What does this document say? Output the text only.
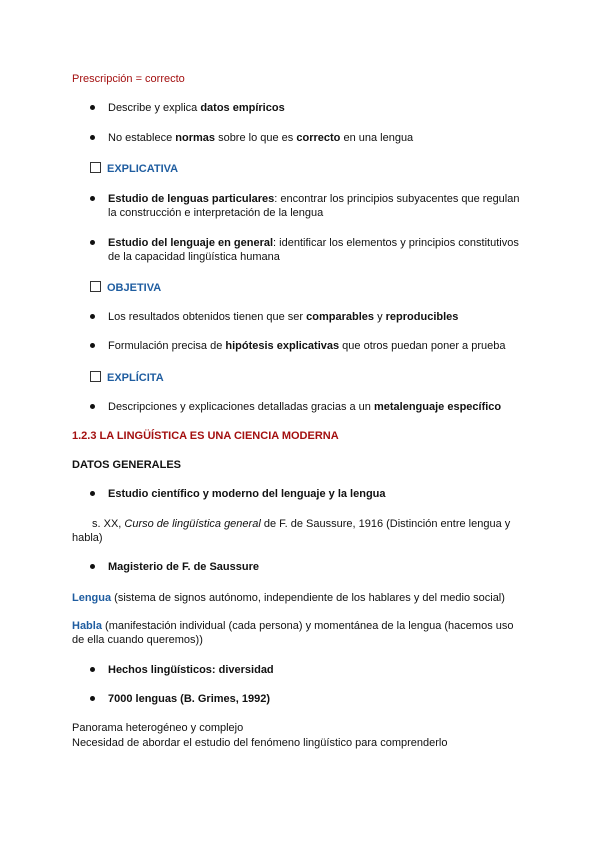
Prescripción = correcto
Describe y explica datos empíricos
No establece normas sobre lo que es correcto en una lengua
EXPLICATIVA
Estudio de lenguas particulares: encontrar los principios subyacentes que regulan
la construcción e interpretación de la lengua
Estudio del lenguaje en general: identificar los elementos y principios constitutivos
de la capacidad lingüística humana
OBJETIVA
Los resultados obtenidos tienen que ser comparables y reproducibles
Formulación precisa de hipótesis explicativas que otros puedan poner a prueba
EXPLÍCITA
Descripciones y explicaciones detalladas gracias a un metalenguaje específico
1.2.3 LA LINGÜÍSTICA ES UNA CIENCIA MODERNA
DATOS GENERALES
Estudio científico y moderno del lenguaje y la lengua
s. XX, Curso de lingüística general de F. de Saussure, 1916 (Distinción entre lengua y
habla)
Magisterio de F. de Saussure
Lengua (sistema de signos autónomo, independiente de los hablares y del medio social)
Habla (manifestación individual (cada persona) y momentánea de la lengua (hacemos uso
de ella cuando queremos))
Hechos lingüísticos: diversidad
7000 lenguas (B. Grimes, 1992)
Panorama heterogéneo y complejo
Necesidad de abordar el estudio del fenómeno lingüístico para comprenderlo
